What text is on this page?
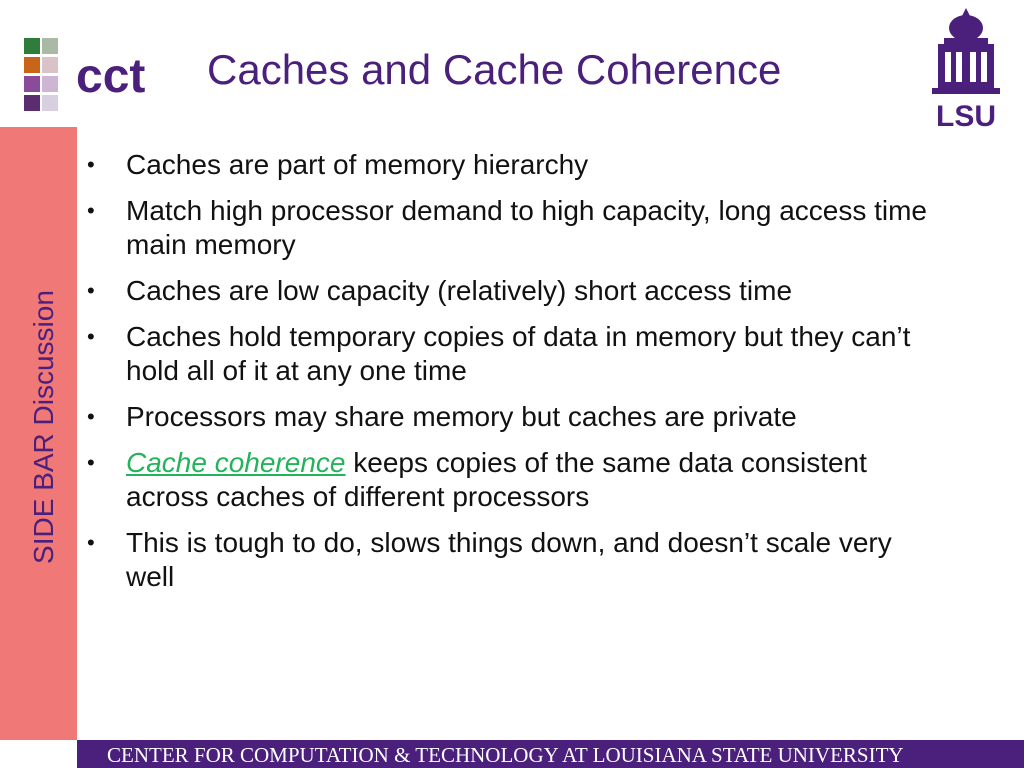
cct Caches and Cache Coherence
LSU
SIDE BAR Discussion
• Caches are part of memory hierarchy
• Match high processor demand to high capacity, long access time main memory
• Caches are low capacity (relatively) short access time
• Caches hold temporary copies of data in memory but they can’t hold all of it at any one time
• Processors may share memory but caches are private
• Cache coherence keeps copies of the same data consistent across caches of different processors
• This is tough to do, slows things down, and doesn’t scale very well
CENTER FOR COMPUTATION & TECHNOLOGY AT LOUISIANA STATE UNIVERSITY
